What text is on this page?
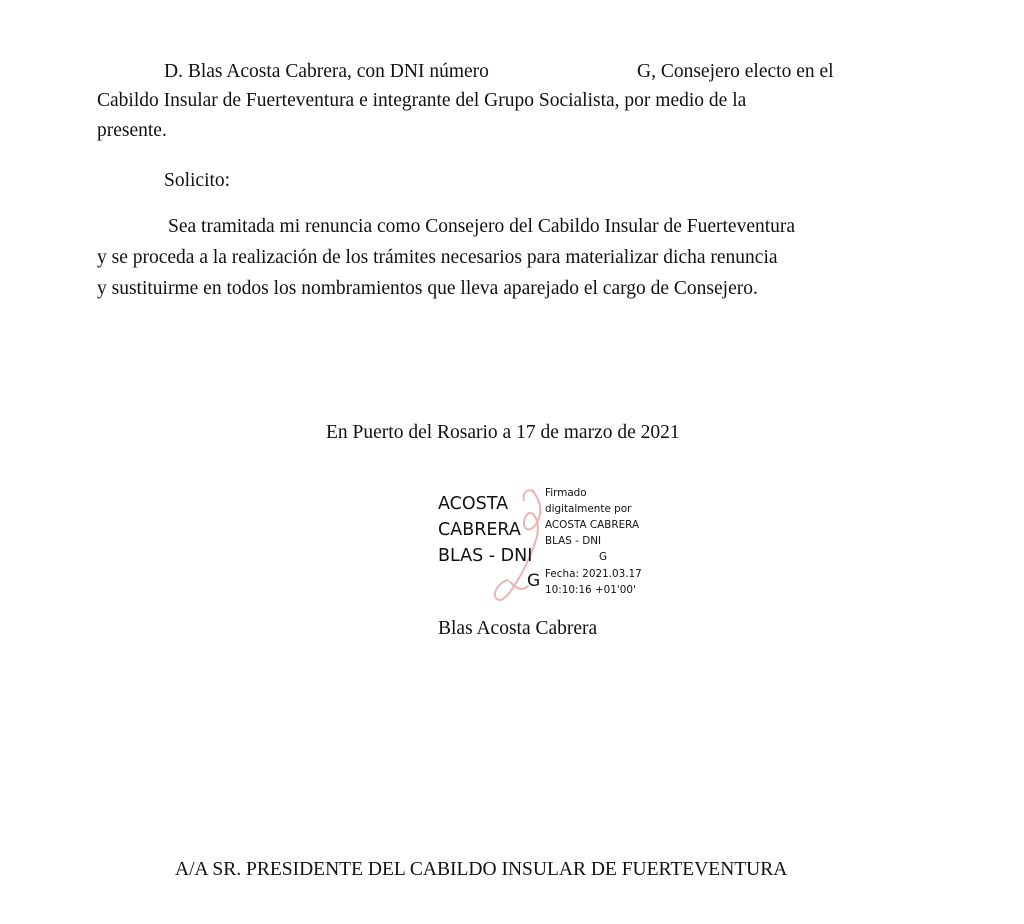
D. Blas Acosta Cabrera, con DNI número	G, Consejero electo en el
Cabildo Insular de Fuerteventura e integrante del Grupo Socialista, por medio de la
presente.
Solicito:
Sea tramitada mi renuncia como Consejero del Cabildo Insular de Fuerteventura
y se proceda a la realización de los trámites necesarios para materializar dicha renuncia
y sustituirme en todos los nombramientos que lleva aparejado el cargo de Consejero.
En Puerto del Rosario a 17 de marzo de 2021
ACOSTA
CABRERA
BLAS - DNI
G
Firmado
digitalmente por
ACOSTA CABRERA
BLAS - DNI
G
Fecha: 2021.03.17
10:10:16 +01'00'
Blas Acosta Cabrera
A/A SR. PRESIDENTE DEL CABILDO INSULAR DE FUERTEVENTURA
